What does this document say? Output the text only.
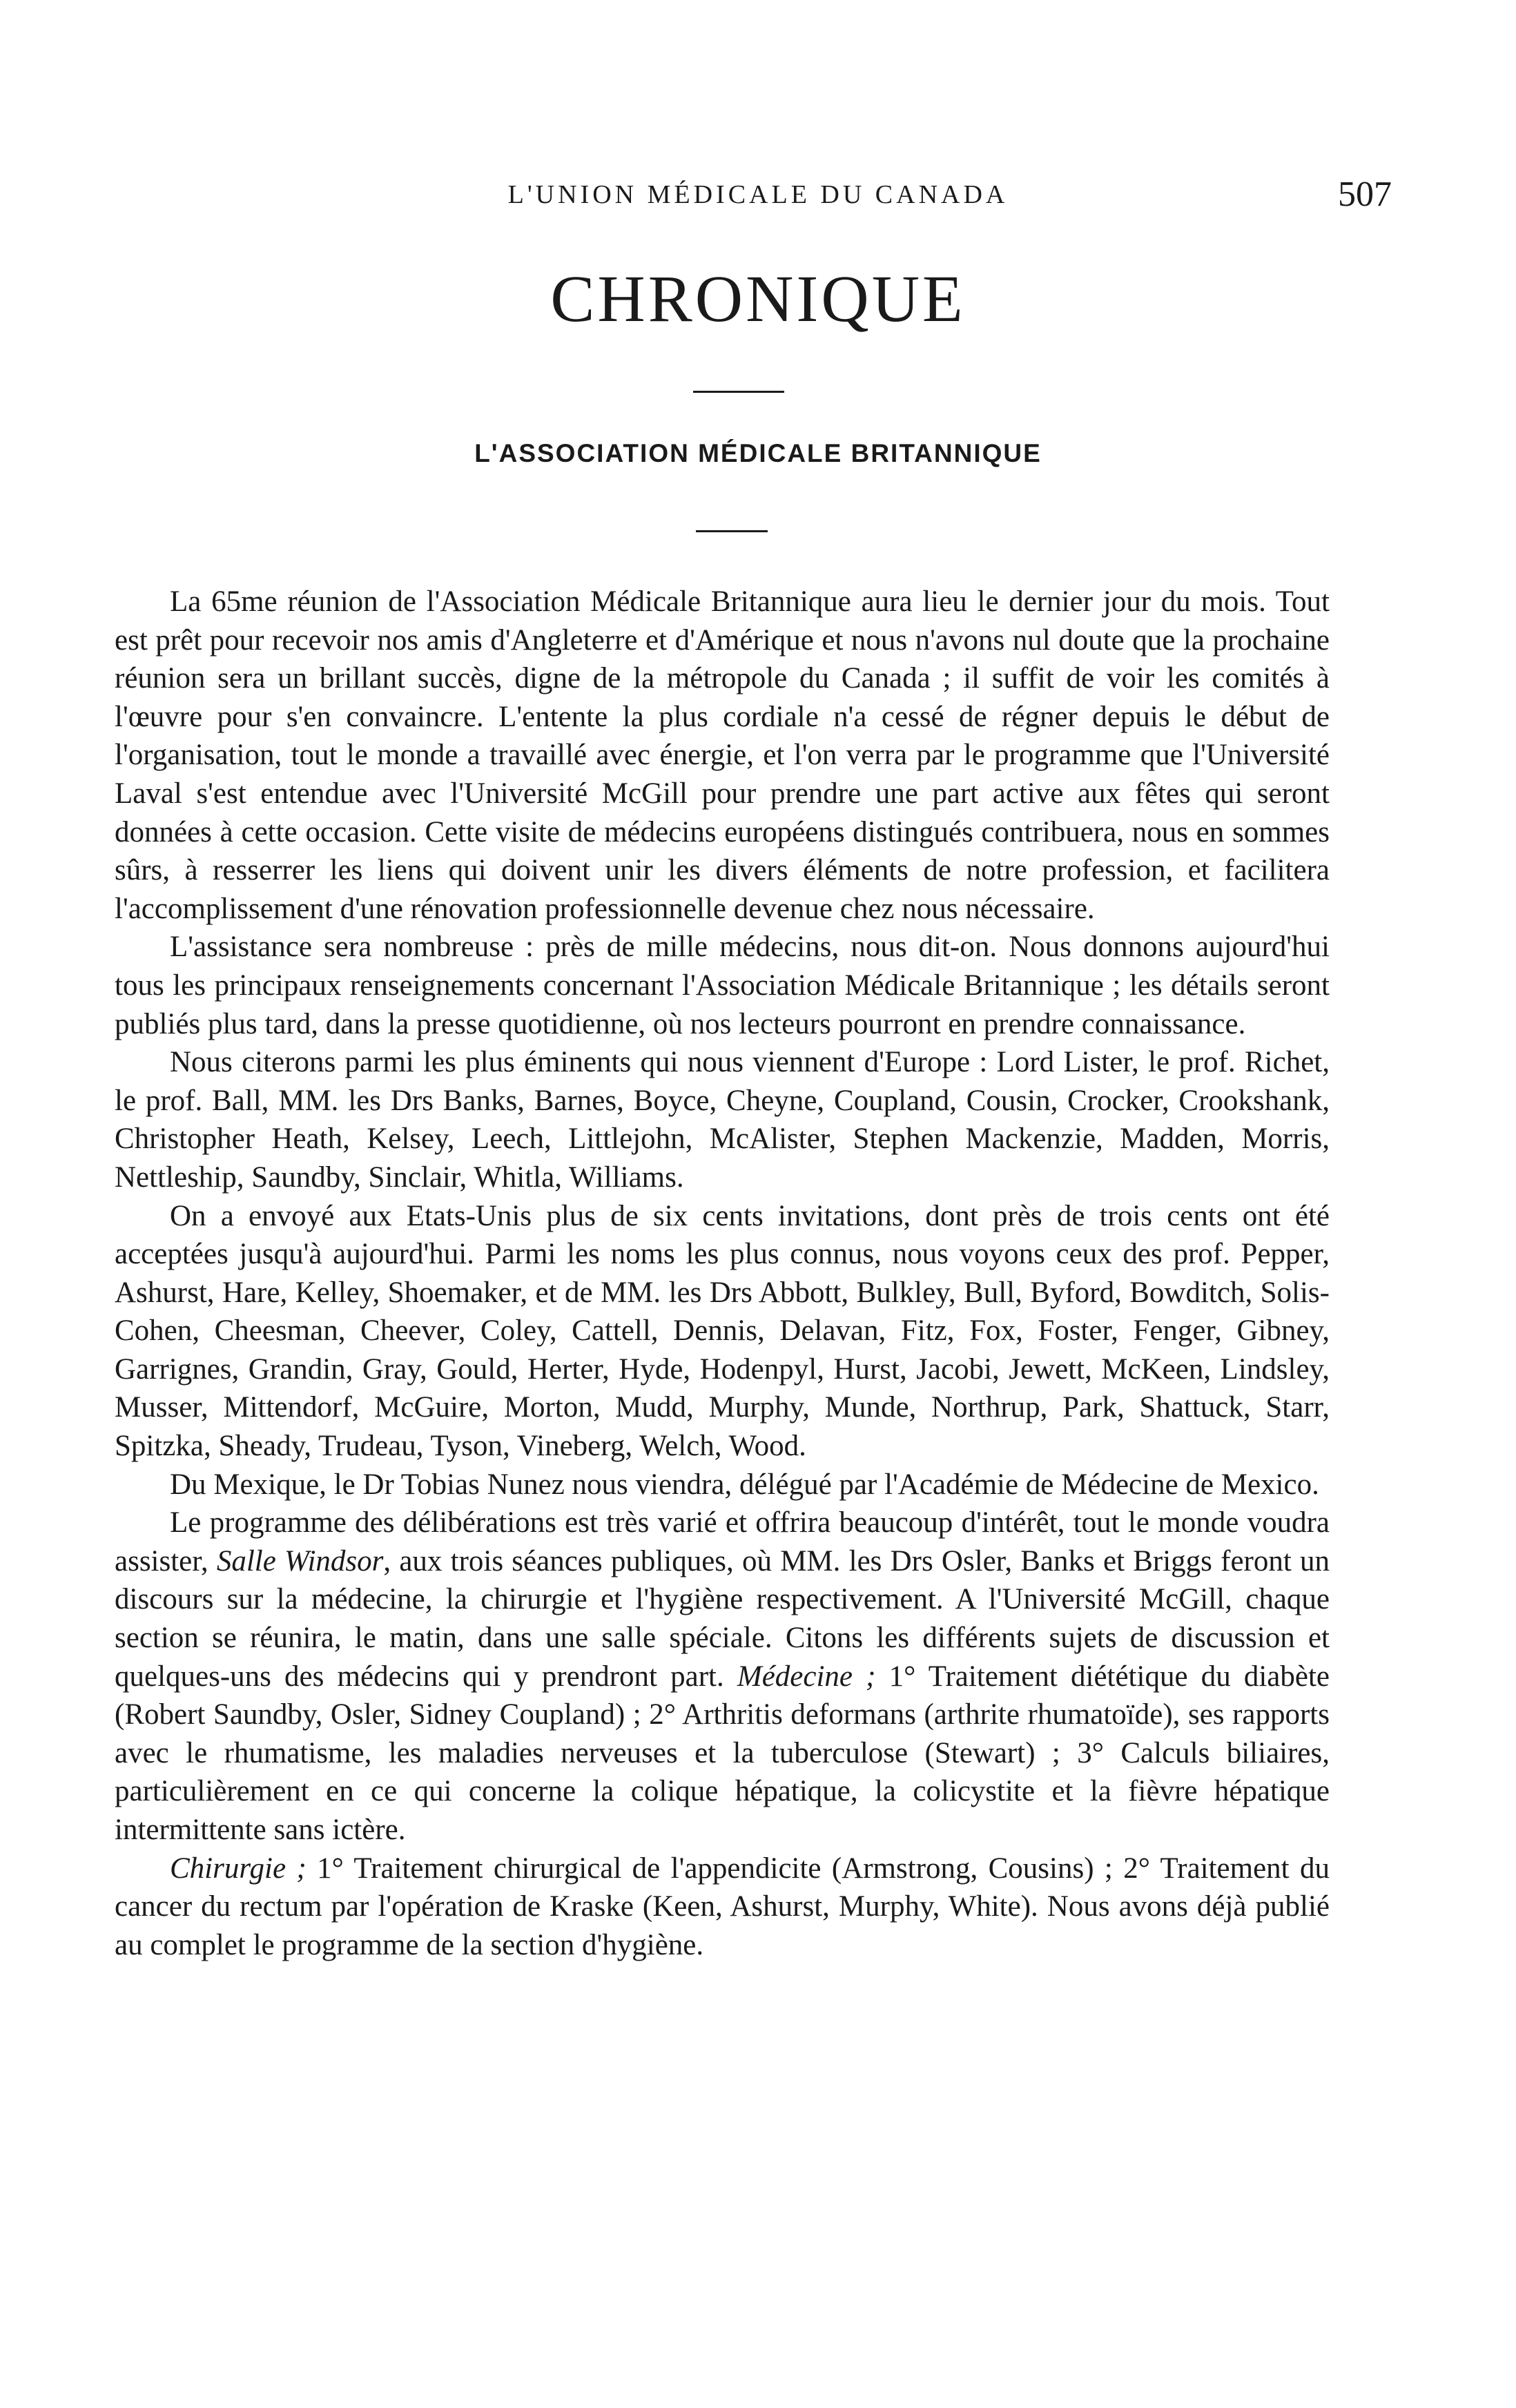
L'UNION MÉDICALE DU CANADA	507
CHRONIQUE
L'ASSOCIATION MÉDICALE BRITANNIQUE

La 65me réunion de l'Association Médicale Britannique aura lieu le dernier jour du mois. Tout est prêt pour recevoir nos amis d'Angleterre et d'Amérique et nous n'avons nul doute que la prochaine réunion sera un brillant succès, digne de la métropole du Canada ; il suffit de voir les comités à l'œuvre pour s'en convaincre. L'entente la plus cordiale n'a cessé de régner depuis le début de l'organisation, tout le monde a travaillé avec énergie, et l'on verra par le programme que l'Université Laval s'est entendue avec l'Université McGill pour prendre une part active aux fêtes qui seront données à cette occasion. Cette visite de médecins européens distingués contribuera, nous en sommes sûrs, à resserrer les liens qui doivent unir les divers éléments de notre profession, et facilitera l'accomplissement d'une rénovation professionnelle devenue chez nous nécessaire.

L'assistance sera nombreuse : près de mille médecins, nous dit-on. Nous donnons aujourd'hui tous les principaux renseignements concernant l'Association Médicale Britannique ; les détails seront publiés plus tard, dans la presse quotidienne, où nos lecteurs pourront en prendre connaissance.

Nous citerons parmi les plus éminents qui nous viennent d'Europe : Lord Lister, le prof. Richet, le prof. Ball, MM. les Drs Banks, Barnes, Boyce, Cheyne, Coupland, Cousin, Crocker, Crookshank, Christopher Heath, Kelsey, Leech, Littlejohn, McAlister, Stephen Mackenzie, Madden, Morris, Nettleship, Saundby, Sinclair, Whitla, Williams.

On a envoyé aux Etats-Unis plus de six cents invitations, dont près de trois cents ont été acceptées jusqu'à aujourd'hui. Parmi les noms les plus connus, nous voyons ceux des prof. Pepper, Ashurst, Hare, Kelley, Shoemaker, et de MM. les Drs Abbott, Bulkley, Bull, Byford, Bowditch, Solis-Cohen, Cheesman, Cheever, Coley, Cattell, Dennis, Delavan, Fitz, Fox, Foster, Fenger, Gibney, Garrignes, Grandin, Gray, Gould, Herter, Hyde, Hodenpyl, Hurst, Jacobi, Jewett, McKeen, Lindsley, Musser, Mittendorf, McGuire, Morton, Mudd, Murphy, Munde, Northrup, Park, Shattuck, Starr, Spitzka, Sheady, Trudeau, Tyson, Vineberg, Welch, Wood.

Du Mexique, le Dr Tobias Nunez nous viendra, délégué par l'Académie de Médecine de Mexico.

Le programme des délibérations est très varié et offrira beaucoup d'intérêt, tout le monde voudra assister, Salle Windsor, aux trois séances publiques, où MM. les Drs Osler, Banks et Briggs feront un discours sur la médecine, la chirurgie et l'hygiène respectivement. A l'Université McGill, chaque section se réunira, le matin, dans une salle spéciale. Citons les différents sujets de discussion et quelques-uns des médecins qui y prendront part. Médecine ; 1° Traitement diététique du diabète (Robert Saundby, Osler, Sidney Coupland) ; 2° Arthritis deformans (arthrite rhumatoïde), ses rapports avec le rhumatisme, les maladies nerveuses et la tuberculose (Stewart) ; 3° Calculs biliaires, particulièrement en ce qui concerne la colique hépatique, la colicystite et la fièvre hépatique intermittente sans ictère.

Chirurgie ; 1° Traitement chirurgical de l'appendicite (Armstrong, Cousins) ; 2° Traitement du cancer du rectum par l'opération de Kraske (Keen, Ashurst, Murphy, White). Nous avons déjà publié au complet le programme de la section d'hygiène.
